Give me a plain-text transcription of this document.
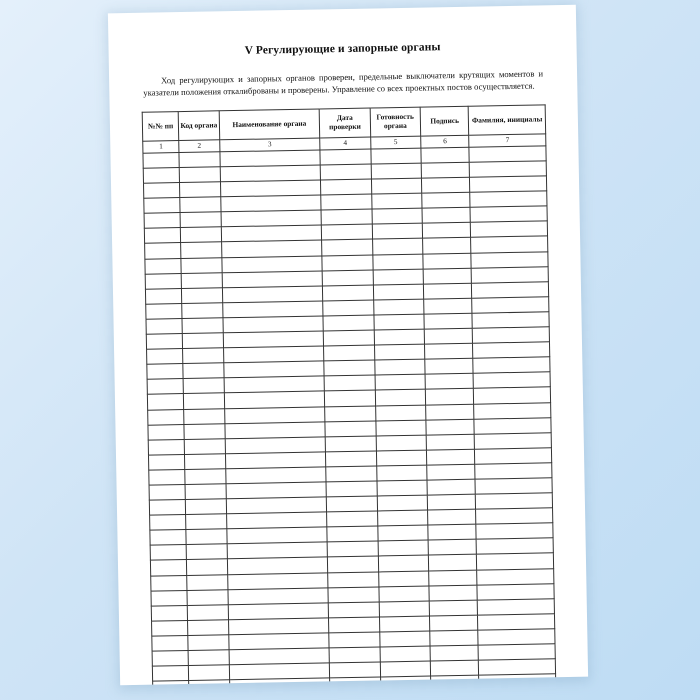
V Регулирующие и запорные органы

Ход регулирующих и запорных органов проверен, предельные выключатели крутящих моментов и указатели положения откалиброваны и проверены. Управление со всех проектных постов осуществляется.

№№ пп	Код органа	Наименование органа	Дата проверки	Готовность органа	Подпись	Фамилия, инициалы
1	2	3	4	5	6	7
